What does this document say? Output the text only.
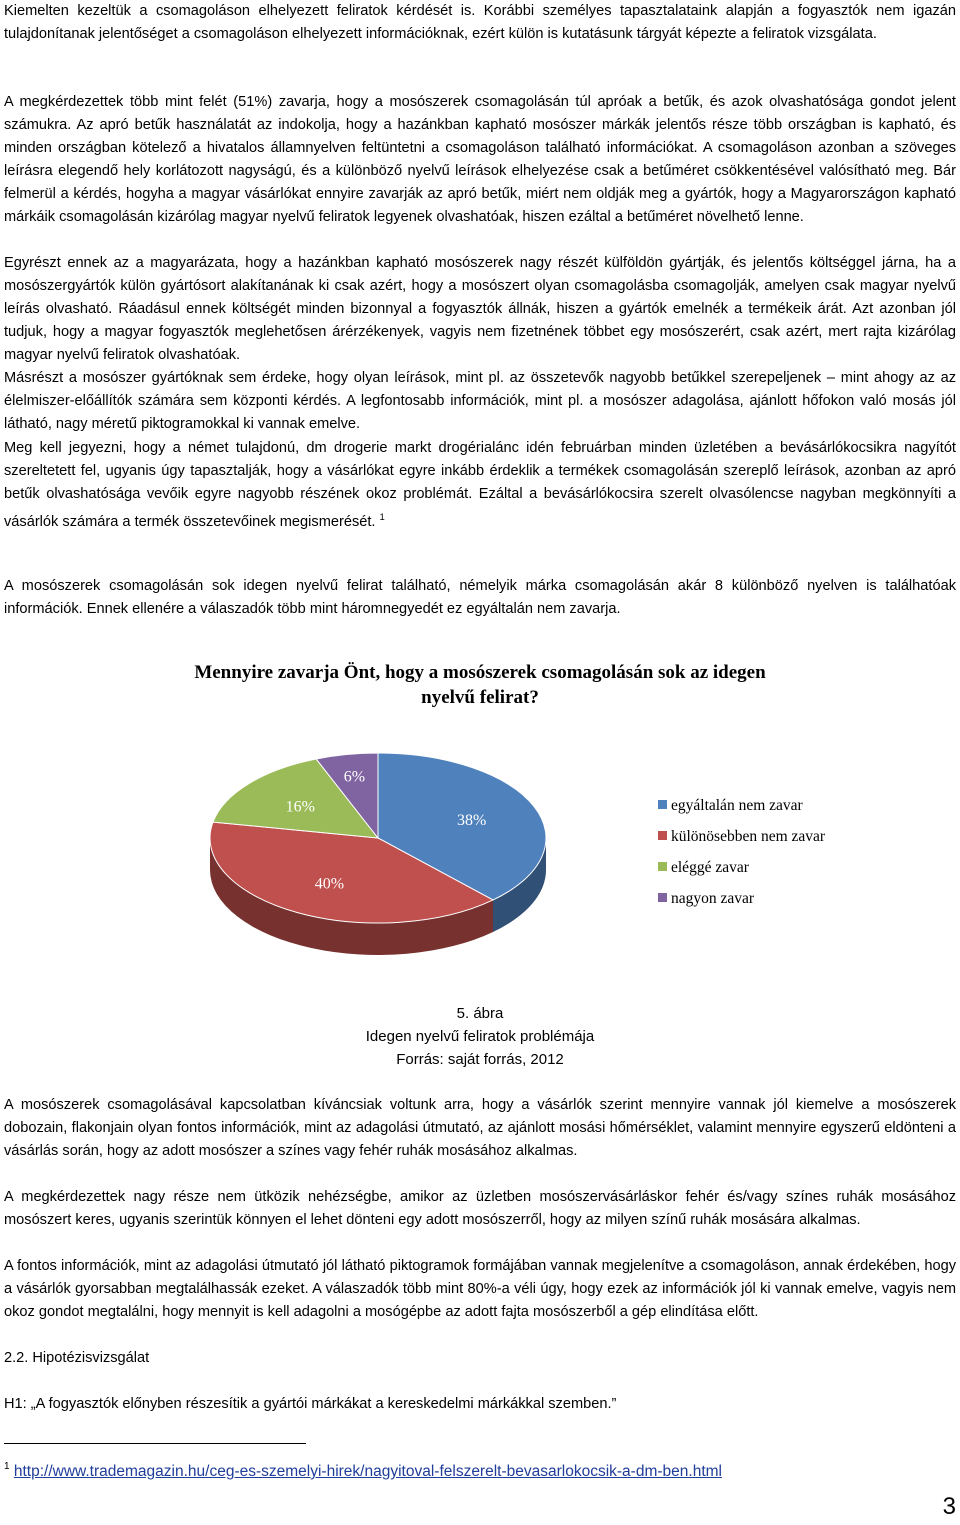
Kiemelten kezeltük a csomagoláson elhelyezett feliratok kérdését is. Korábbi személyes tapasztalataink alapján a fogyasztók nem igazán tulajdonítanak jelentőséget a csomagoláson elhelyezett információknak, ezért külön is kutatásunk tárgyát képezte a feliratok vizsgálata.

A megkérdezettek több mint felét (51%) zavarja, hogy a mosószerek csomagolásán túl apróak a betűk, és azok olvashatósága gondot jelent számukra. Az apró betűk használatát az indokolja, hogy a hazánkban kapható mosószer márkák jelentős része több országban is kapható, és minden országban kötelező a hivatalos államnyelven feltüntetni a csomagoláson található információkat. A csomagoláson azonban a szöveges leírásra elegendő hely korlátozott nagyságú, és a különböző nyelvű leírások elhelyezése csak a betűméret csökkentésével valósítható meg. Bár felmerül a kérdés, hogyha a magyar vásárlókat ennyire zavarják az apró betűk, miért nem oldják meg a gyártók, hogy a Magyarországon kapható márkáik csomagolásán kizárólag magyar nyelvű feliratok legyenek olvashatóak, hiszen ezáltal a betűméret növelhető lenne.

Egyrészt ennek az a magyarázata, hogy a hazánkban kapható mosószerek nagy részét külföldön gyártják, és jelentős költséggel járna, ha a mosószergyártók külön gyártósort alakítanának ki csak azért, hogy a mosószert olyan csomagolásba csomagolják, amelyen csak magyar nyelvű leírás olvasható. Ráadásul ennek költségét minden bizonnyal a fogyasztók állnák, hiszen a gyártók emelnék a termékeik árát. Azt azonban jól tudjuk, hogy a magyar fogyasztók meglehetősen árérzékenyek, vagyis nem fizetnének többet egy mosószerért, csak azért, mert rajta kizárólag magyar nyelvű feliratok olvashatóak.

Másrészt a mosószer gyártóknak sem érdeke, hogy olyan leírások, mint pl. az összetevők nagyobb betűkkel szerepeljenek – mint ahogy az az élelmiszer-előállítók számára sem központi kérdés. A legfontosabb információk, mint pl. a mosószer adagolása, ajánlott hőfokon való mosás jól látható, nagy méretű piktogramokkal ki vannak emelve.

Meg kell jegyezni, hogy a német tulajdonú, dm drogerie markt drogérialánc idén februárban minden üzletében a bevásárlókocsikra nagyítót szereltetett fel, ugyanis úgy tapasztalják, hogy a vásárlókat egyre inkább érdeklik a termékek csomagolásán szereplő leírások, azonban az apró betűk olvashatósága vevőik egyre nagyobb részének okoz problémát. Ezáltal a bevásárlókocsira szerelt olvasólencse nagyban megkönnyíti a vásárlók számára a termék összetevőinek megismerését. $^1$

A mosószerek csomagolásán sok idegen nyelvű felirat található, némelyik márka csomagolásán akár 8 különböző nyelven is találhatóak információk. Ennek ellenére a válaszadók több mint háromnegyedét ez egyáltalán nem zavarja.

Mennyire zavarja Önt, hogy a mosószerek csomagolásán sok az idegen nyelvű felirat?
38%
40%
16%
6%
egyáltalán nem zavar
különösebben nem zavar
eléggé zavar
nagyon zavar
5. ábra
Idegen nyelvű feliratok problémája
Forrás: saját forrás, 2012

A mosószerek csomagolásával kapcsolatban kíváncsiak voltunk arra, hogy a vásárlók szerint mennyire vannak jól kiemelve a mosószerek dobozain, flakonjain olyan fontos információk, mint az adagolási útmutató, az ajánlott mosási hőmérséklet, valamint mennyire egyszerű eldönteni a vásárlás során, hogy az adott mosószer a színes vagy fehér ruhák mosásához alkalmas.

A megkérdezettek nagy része nem ütközik nehézségbe, amikor az üzletben mosószervásárláskor fehér és/vagy színes ruhák mosásához mosószert keres, ugyanis szerintük könnyen el lehet dönteni egy adott mosószerről, hogy az milyen színű ruhák mosására alkalmas.

A fontos információk, mint az adagolási útmutató jól látható piktogramok formájában vannak megjelenítve a csomagoláson, annak érdekében, hogy a vásárlók gyorsabban megtalálhassák ezeket. A válaszadók több mint 80%-a véli úgy, hogy ezek az információk jól ki vannak emelve, vagyis nem okoz gondot megtalálni, hogy mennyit is kell adagolni a mosógépbe az adott fajta mosószerből a gép elindítása előtt.

2.2. Hipotézisvizsgálat

H1: „A fogyasztók előnyben részesítik a gyártói márkákat a kereskedelmi márkákkal szemben.”

$^1$ http://www.trademagazin.hu/ceg-es-szemelyi-hirek/nagyitoval-felszerelt-bevasarlokocsik-a-dm-ben.html
3
